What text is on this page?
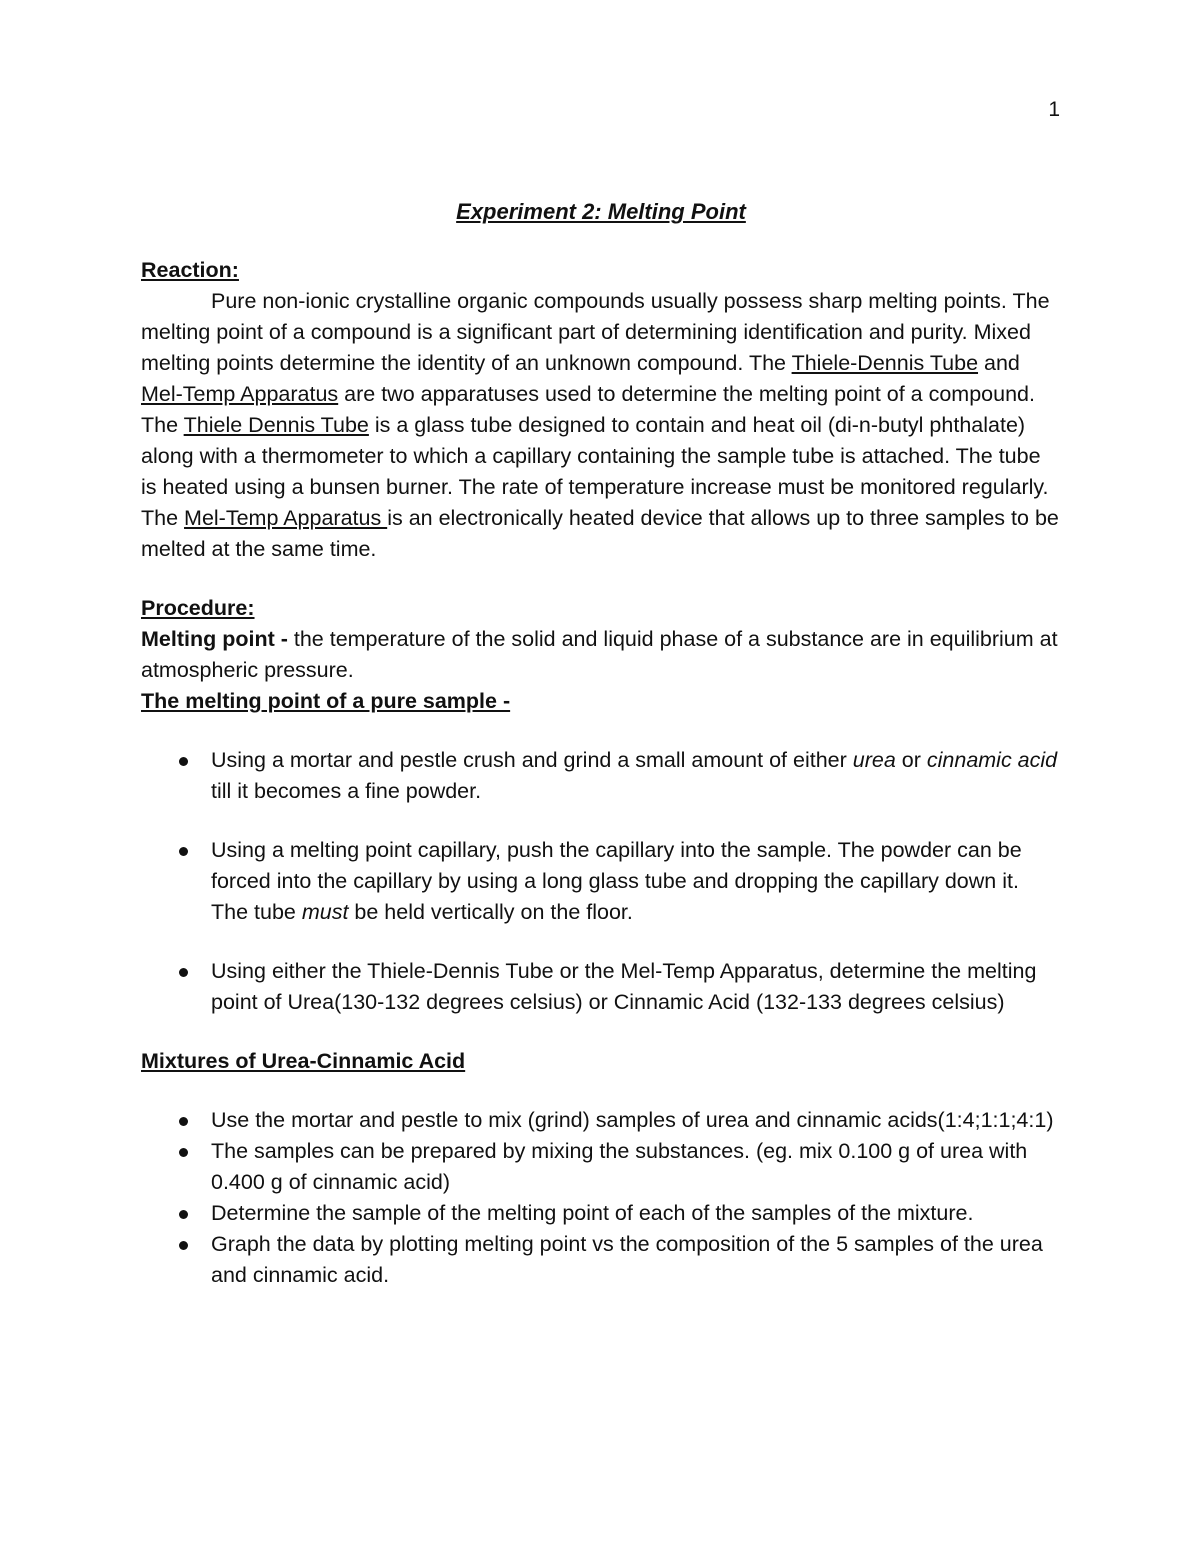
1

Experiment 2: Melting Point

Reaction:

Pure non-ionic crystalline organic compounds usually possess sharp melting points. The melting point of a compound is a significant part of determining identification and purity. Mixed melting points determine the identity of an unknown compound. The Thiele-Dennis Tube and Mel-Temp Apparatus are two apparatuses used to determine the melting point of a compound. The Thiele Dennis Tube is a glass tube designed to contain and heat oil (di-n-butyl phthalate) along with a thermometer to which a capillary containing the sample tube is attached. The tube is heated using a bunsen burner. The rate of temperature increase must be monitored regularly. The Mel-Temp Apparatus is an electronically heated device that allows up to three samples to be melted at the same time.

Procedure:

Melting point - the temperature of the solid and liquid phase of a substance are in equilibrium at atmospheric pressure.

The melting point of a pure sample -

Using a mortar and pestle crush and grind a small amount of either urea or cinnamic acid till it becomes a fine powder.
Using a melting point capillary, push the capillary into the sample. The powder can be forced into the capillary by using a long glass tube and dropping the capillary down it. The tube must be held vertically on the floor.
Using either the Thiele-Dennis Tube or the Mel-Temp Apparatus, determine the melting point of Urea(130-132 degrees celsius) or Cinnamic Acid (132-133 degrees celsius)

Mixtures of Urea-Cinnamic Acid

Use the mortar and pestle to mix (grind) samples of urea and cinnamic acids(1:4;1:1;4:1)
The samples can be prepared by mixing the substances. (eg. mix 0.100 g of urea with 0.400 g of cinnamic acid)
Determine the sample of the melting point of each of the samples of the mixture.
Graph the data by plotting melting point vs the composition of the 5 samples of the urea and cinnamic acid.
